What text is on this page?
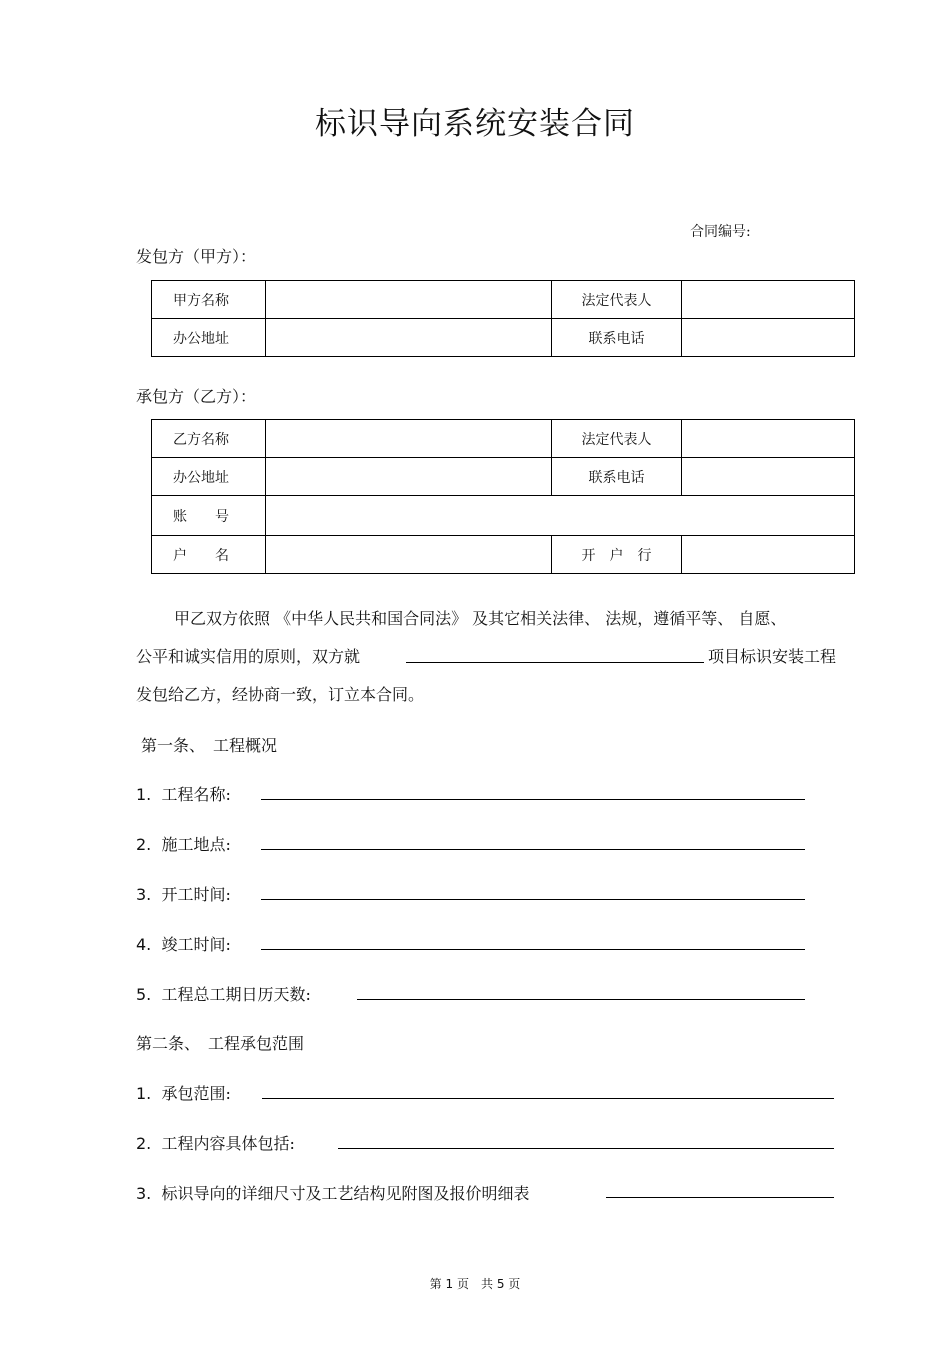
标识导向系统安装合同
合同编号:
发包方（甲方）：
甲方名称		法定代表人	
办公地址		联系电话	
承包方（乙方）：
乙方名称		法定代表人	
办公地址		联系电话	
账　　号			
户　　名		开　户　行	
甲乙双方依照 《中华人民共和国合同法》 及其它相关法律、 法规，遵循平等、 自愿、
公平和诚实信用的原则，双方就	项目标识安装工程
发包给乙方，经协商一致，订立本合同。
第一条、　工程概况
1. 工程名称:
2. 施工地点:
3. 开工时间:
4. 竣工时间:
5. 工程总工期日历天数:
第二条、　工程承包范围
1. 承包范围:
2. 工程内容具体包括:
3. 标识导向的详细尺寸及工艺结构见附图及报价明细表
第 1 页　共 5 页
